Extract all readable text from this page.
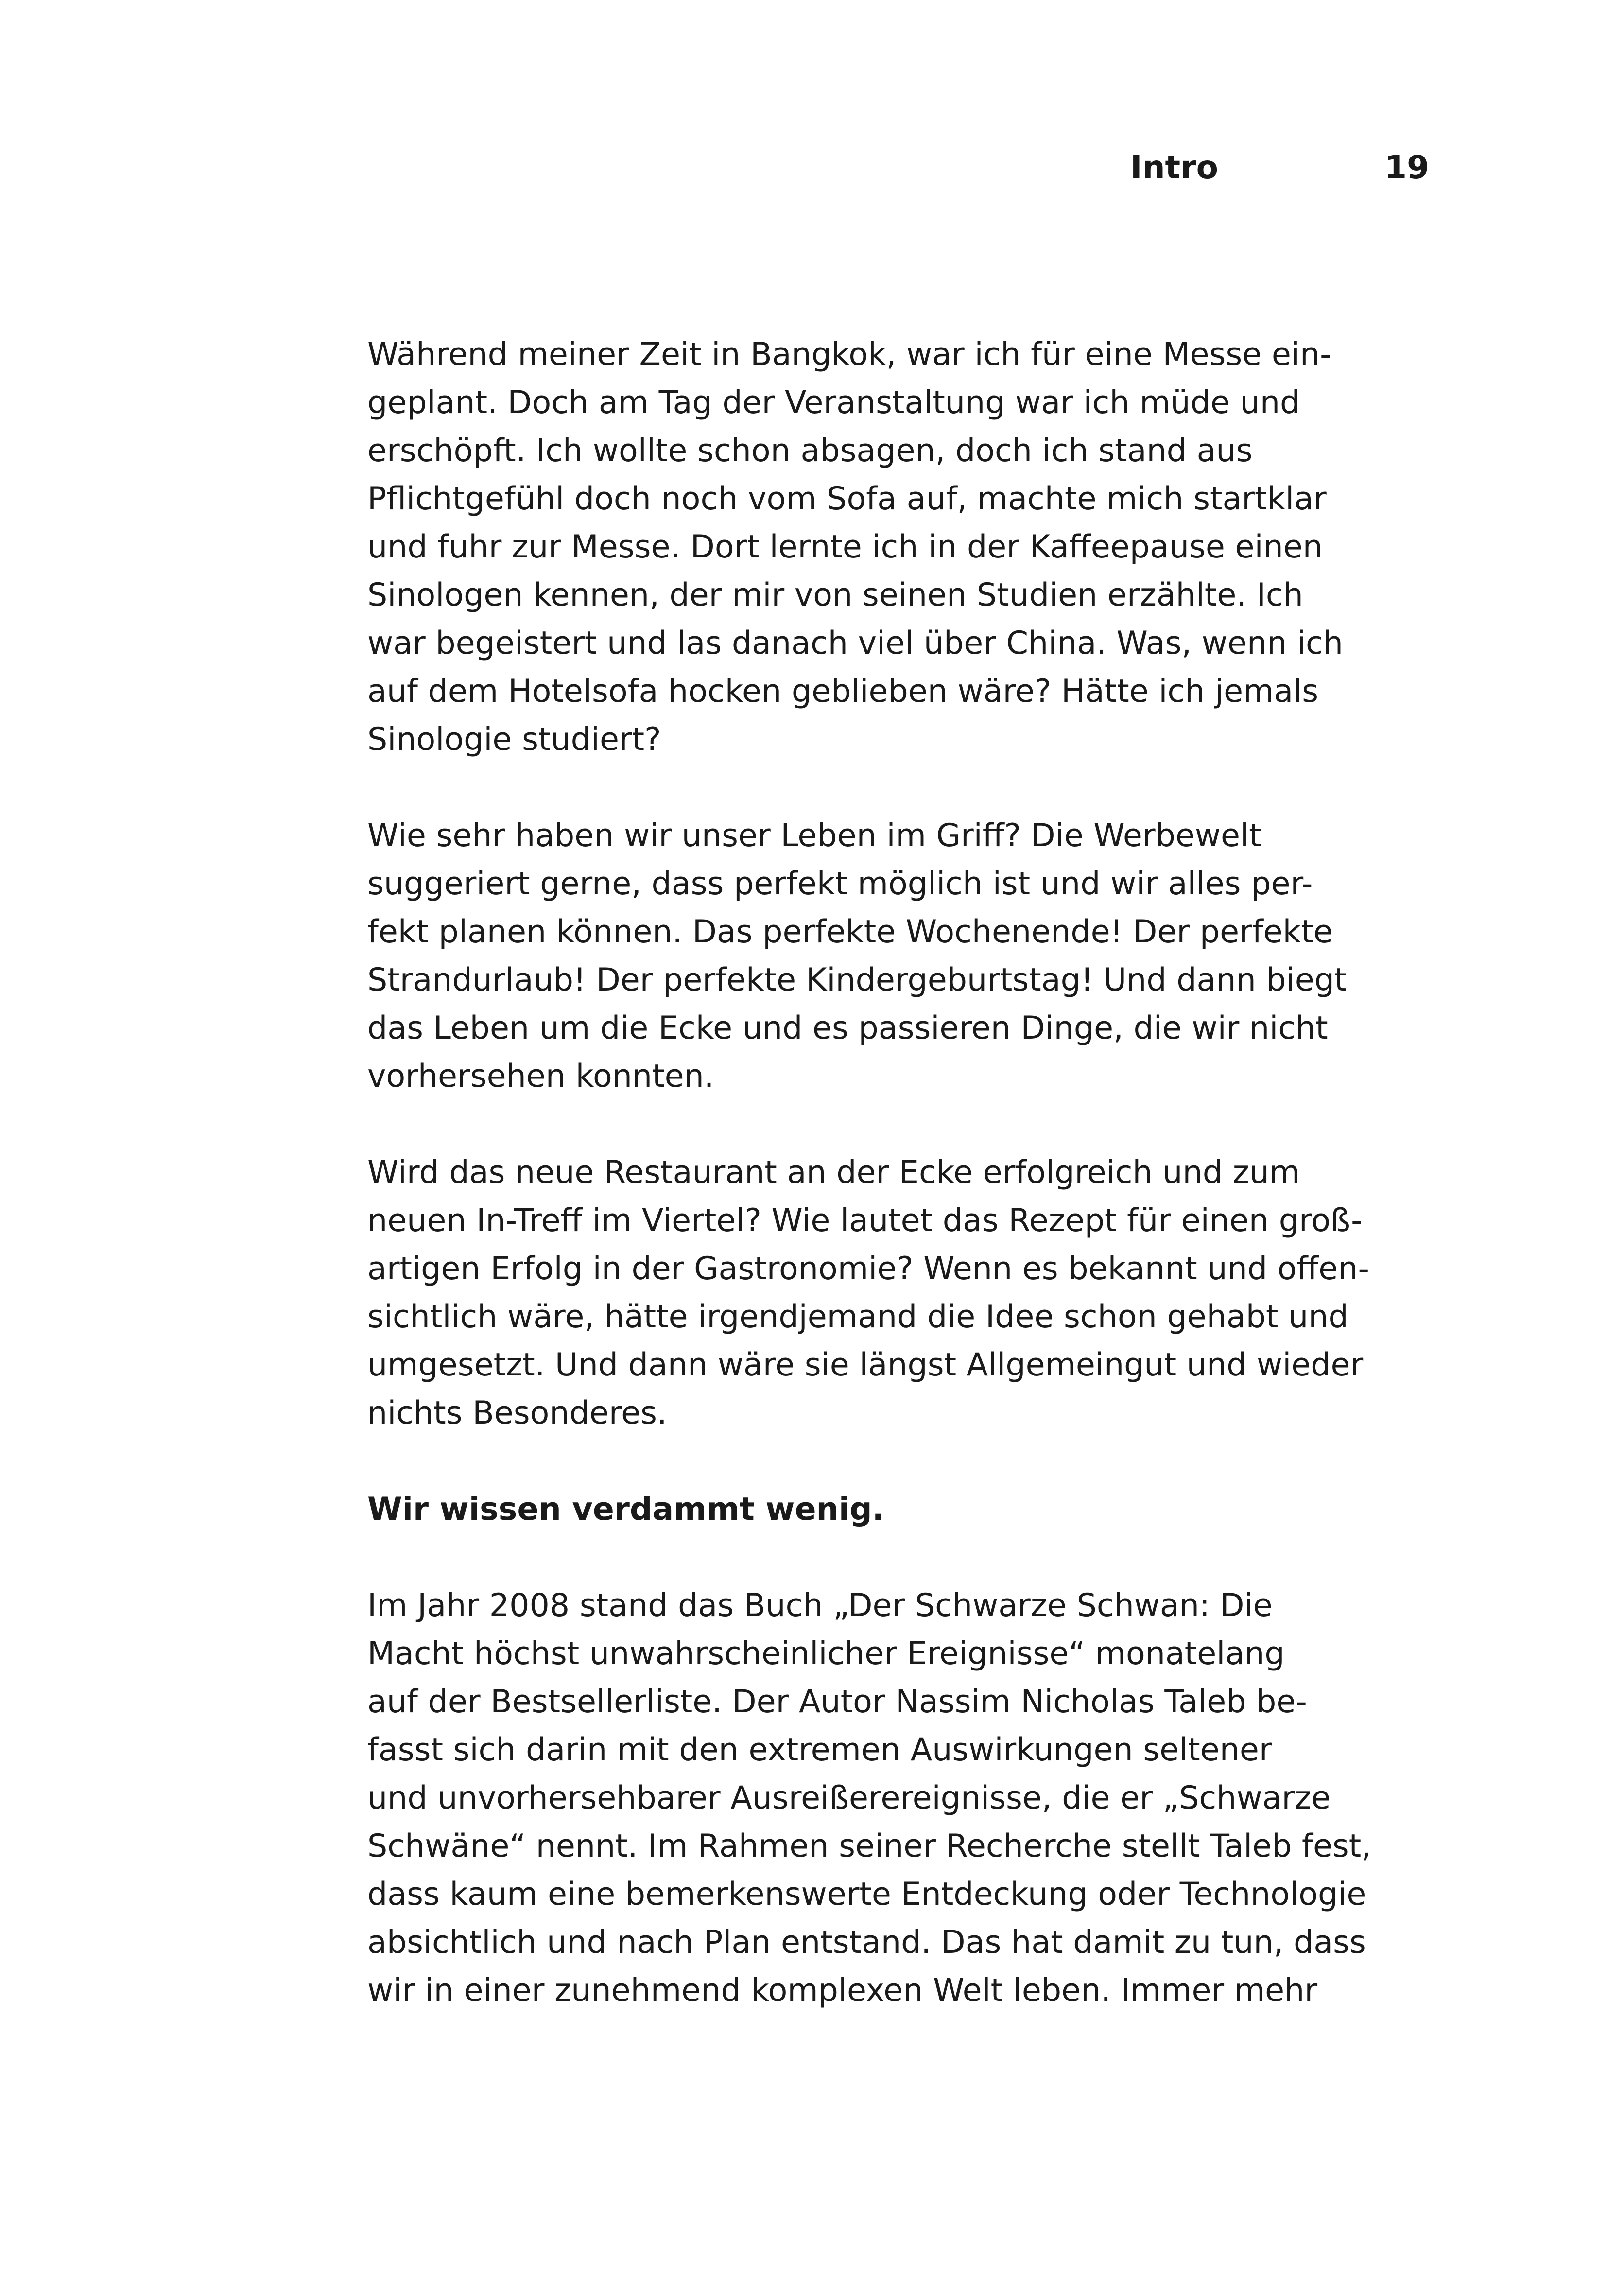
Intro	19
Während meiner Zeit in Bangkok, war ich für eine Messe ein-
geplant. Doch am Tag der Veranstaltung war ich müde und
erschöpft. Ich wollte schon absagen, doch ich stand aus
Pflichtgefühl doch noch vom Sofa auf, machte mich startklar
und fuhr zur Messe. Dort lernte ich in der Kaffeepause einen
Sinologen kennen, der mir von seinen Studien erzählte. Ich
war begeistert und las danach viel über China. Was, wenn ich
auf dem Hotelsofa hocken geblieben wäre? Hätte ich jemals
Sinologie studiert?
Wie sehr haben wir unser Leben im Griff? Die Werbewelt
suggeriert gerne, dass perfekt möglich ist und wir alles per-
fekt planen können. Das perfekte Wochenende! Der perfekte
Strandurlaub! Der perfekte Kindergeburtstag! Und dann biegt
das Leben um die Ecke und es passieren Dinge, die wir nicht
vorhersehen konnten.
Wird das neue Restaurant an der Ecke erfolgreich und zum
neuen In-Treff im Viertel? Wie lautet das Rezept für einen groß-
artigen Erfolg in der Gastronomie? Wenn es bekannt und offen-
sichtlich wäre, hätte irgendjemand die Idee schon gehabt und
umgesetzt. Und dann wäre sie längst Allgemeingut und wieder
nichts Besonderes.
Wir wissen verdammt wenig.
Im Jahr 2008 stand das Buch „Der Schwarze Schwan: Die
Macht höchst unwahrscheinlicher Ereignisse“ monatelang
auf der Bestsellerliste. Der Autor Nassim Nicholas Taleb be-
fasst sich darin mit den extremen Auswirkungen seltener
und unvorhersehbarer Ausreißerereignisse, die er „Schwarze
Schwäne“ nennt. Im Rahmen seiner Recherche stellt Taleb fest,
dass kaum eine bemerkenswerte Entdeckung oder Technologie
absichtlich und nach Plan entstand. Das hat damit zu tun, dass
wir in einer zunehmend komplexen Welt leben. Immer mehr
